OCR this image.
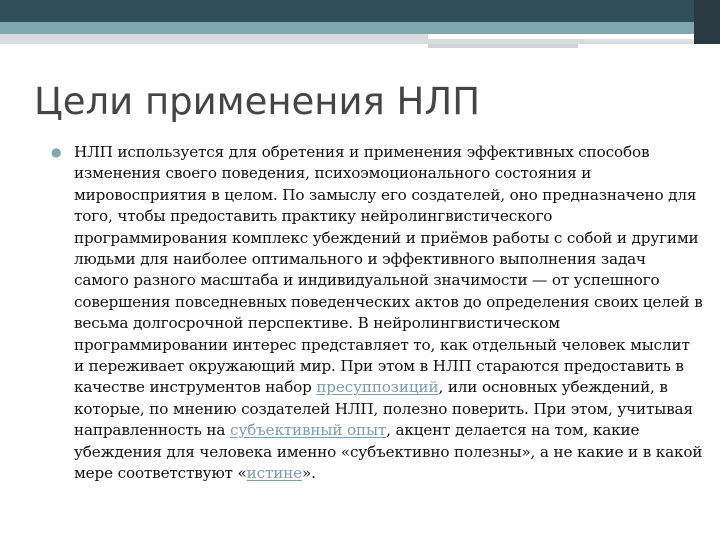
Цели применения НЛП
● НЛП используется для обретения и применения эффективных способов изменения своего поведения, психоэмоционального состояния и мировосприятия в целом. По замыслу его создателей, оно предназначено для того, чтобы предоставить практику нейролингвистического программирования комплекс убеждений и приёмов работы с собой и другими людьми для наиболее оптимального и эффективного выполнения задач самого разного масштаба и индивидуальной значимости — от успешного совершения повседневных поведенческих актов до определения своих целей в весьма долгосрочной перспективе. В нейролингвистическом программировании интерес представляет то, как отдельный человек мыслит и переживает окружающий мир. При этом в НЛП стараются предоставить в качестве инструментов набор пресуппозиций, или основных убеждений, в которые, по мнению создателей НЛП, полезно поверить. При этом, учитывая направленность на субъективный опыт, акцент делается на том, какие убеждения для человека именно «субъективно полезны», а не какие и в какой мере соответствуют «истине».
